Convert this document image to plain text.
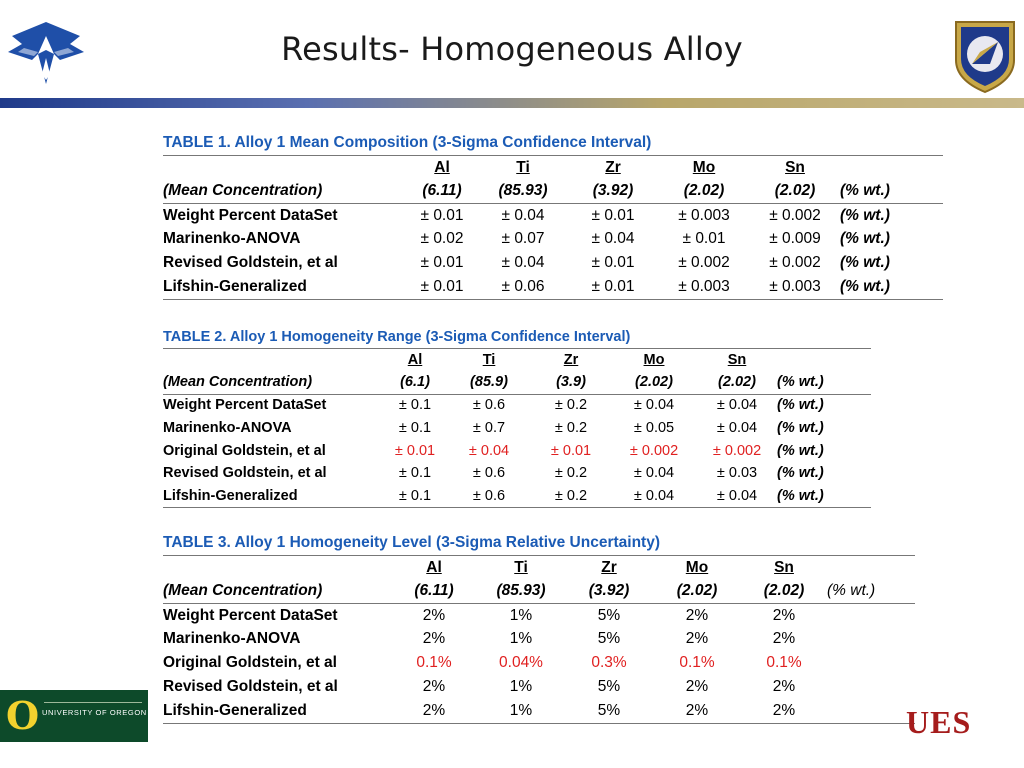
Results- Homogeneous Alloy
TABLE 1. Alloy 1 Mean Composition (3-Sigma Confidence Interval)						
	Al	Ti	Zr	Mo	Sn	
(Mean Concentration)	(6.11)	(85.93)	(3.92)	(2.02)	(2.02)	(% wt.)
Weight Percent DataSet	± 0.01	± 0.04	± 0.01	± 0.003	± 0.002	(% wt.)
Marinenko-ANOVA	± 0.02	± 0.07	± 0.04	± 0.01	± 0.009	(% wt.)
Revised Goldstein, et al	± 0.01	± 0.04	± 0.01	± 0.002	± 0.002	(% wt.)
Lifshin-Generalized	± 0.01	± 0.06	± 0.01	± 0.003	± 0.003	(% wt.)
TABLE 2. Alloy 1 Homogeneity Range (3-Sigma Confidence Interval)						
	Al	Ti	Zr	Mo	Sn	
(Mean Concentration)	(6.1)	(85.9)	(3.9)	(2.02)	(2.02)	(% wt.)
Weight Percent DataSet	± 0.1	± 0.6	± 0.2	± 0.04	± 0.04	(% wt.)
Marinenko-ANOVA	± 0.1	± 0.7	± 0.2	± 0.05	± 0.04	(% wt.)
Original Goldstein, et al	± 0.01	± 0.04	± 0.01	± 0.002	± 0.002	(% wt.)
Revised Goldstein, et al	± 0.1	± 0.6	± 0.2	± 0.04	± 0.03	(% wt.)
Lifshin-Generalized	± 0.1	± 0.6	± 0.2	± 0.04	± 0.04	(% wt.)
TABLE 3. Alloy 1 Homogeneity Level (3-Sigma Relative Uncertainty)						
	Al	Ti	Zr	Mo	Sn	
(Mean Concentration)	(6.11)	(85.93)	(3.92)	(2.02)	(2.02)	(% wt.)
Weight Percent DataSet	2%	1%	5%	2%	2%	
Marinenko-ANOVA	2%	1%	5%	2%	2%	
Original Goldstein, et al	0.1%	0.04%	0.3%	0.1%	0.1%	
Revised Goldstein, et al	2%	1%	5%	2%	2%	
Lifshin-Generalized	2%	1%	5%	2%	2%	
O UNIVERSITY OF OREGON	UES
